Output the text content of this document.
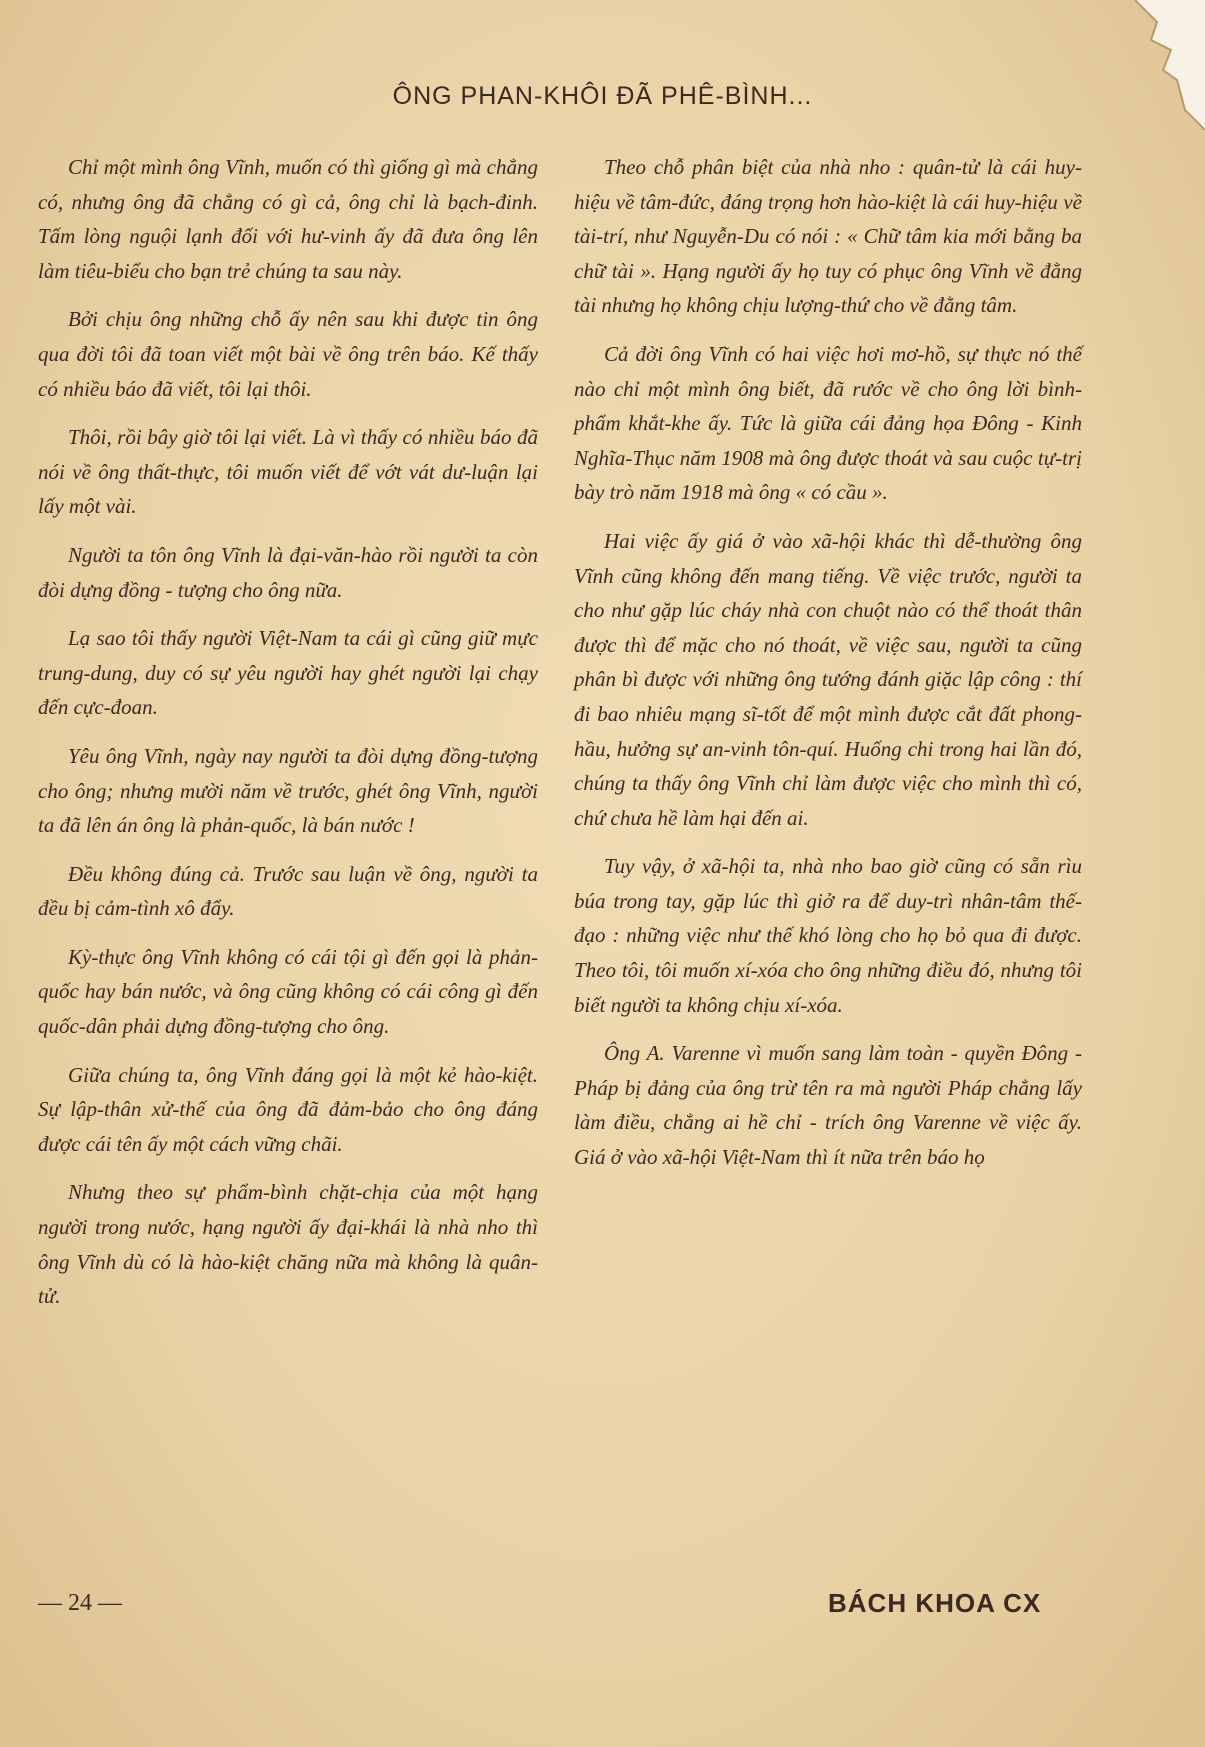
ÔNG PHAN-KHÔI ĐÃ PHÊ-BÌNH...

Chỉ một mình ông Vĩnh, muốn có thì giống gì mà chẳng có, nhưng ông đã chẳng có gì cả, ông chỉ là bạch-đinh. Tấm lòng nguội lạnh đối với hư-vinh ấy đã đưa ông lên làm tiêu-biểu cho bạn trẻ chúng ta sau này.

Bởi chịu ông những chỗ ấy nên sau khi được tin ông qua đời tôi đã toan viết một bài về ông trên báo. Kế thấy có nhiều báo đã viết, tôi lại thôi.

Thôi, rồi bây giờ tôi lại viết. Là vì thấy có nhiều báo đã nói về ông thất-thực, tôi muốn viết để vớt vát dư-luận lại lấy một vài.

Người ta tôn ông Vĩnh là đại-văn-hào rồi người ta còn đòi dựng đồng - tượng cho ông nữa.

Lạ sao tôi thấy người Việt-Nam ta cái gì cũng giữ mực trung-dung, duy có sự yêu người hay ghét người lại chạy đến cực-đoan.

Yêu ông Vĩnh, ngày nay người ta đòi dựng đồng-tượng cho ông; nhưng mười năm về trước, ghét ông Vĩnh, người ta đã lên án ông là phản-quốc, là bán nước !

Đều không đúng cả. Trước sau luận về ông, người ta đều bị cảm-tình xô đẩy.

Kỳ-thực ông Vĩnh không có cái tội gì đến gọi là phản-quốc hay bán nước, và ông cũng không có cái công gì đến quốc-dân phải dựng đồng-tượng cho ông.

Giữa chúng ta, ông Vĩnh đáng gọi là một kẻ hào-kiệt. Sự lập-thân xử-thế của ông đã đảm-bảo cho ông đáng được cái tên ấy một cách vững chãi.

Nhưng theo sự phẩm-bình chặt-chịa của một hạng người trong nước, hạng người ấy đại-khái là nhà nho thì ông Vĩnh dù có là hào-kiệt chăng nữa mà không là quân-tử.

Theo chỗ phân biệt của nhà nho : quân-tử là cái huy-hiệu về tâm-đức, đáng trọng hơn hào-kiệt là cái huy-hiệu về tài-trí, như Nguyễn-Du có nói : « Chữ tâm kia mới bằng ba chữ tài ». Hạng người ấy họ tuy có phục ông Vĩnh về đằng tài nhưng họ không chịu lượng-thứ cho về đằng tâm.

Cả đời ông Vĩnh có hai việc hơi mơ-hồ, sự thực nó thế nào chỉ một mình ông biết, đã rước về cho ông lời bình-phẩm khắt-khe ấy. Tức là giữa cái đảng họa Đông - Kinh Nghĩa-Thục năm 1908 mà ông được thoát và sau cuộc tự-trị bày trò năm 1918 mà ông « có cầu ».

Hai việc ấy giá ở vào xã-hội khác thì dễ-thường ông Vĩnh cũng không đến mang tiếng. Về việc trước, người ta cho như gặp lúc cháy nhà con chuột nào có thể thoát thân được thì để mặc cho nó thoát, về việc sau, người ta cũng phân bì được với những ông tướng đánh giặc lập công : thí đi bao nhiêu mạng sĩ-tốt để một mình được cắt đất phong-hầu, hưởng sự an-vinh tôn-quí. Huống chi trong hai lần đó, chúng ta thấy ông Vĩnh chỉ làm được việc cho mình thì có, chứ chưa hề làm hại đến ai.

Tuy vậy, ở xã-hội ta, nhà nho bao giờ cũng có sẵn rìu búa trong tay, gặp lúc thì giở ra để duy-trì nhân-tâm thế-đạo : những việc như thế khó lòng cho họ bỏ qua đi được. Theo tôi, tôi muốn xí-xóa cho ông những điều đó, nhưng tôi biết người ta không chịu xí-xóa.

Ông A. Varenne vì muốn sang làm toàn - quyền Đông - Pháp bị đảng của ông trừ tên ra mà người Pháp chẳng lấy làm điều, chẳng ai hề chỉ - trích ông Varenne về việc ấy. Giá ở vào xã-hội Việt-Nam thì ít nữa trên báo họ

— 24 —	BÁCH KHOA CX
